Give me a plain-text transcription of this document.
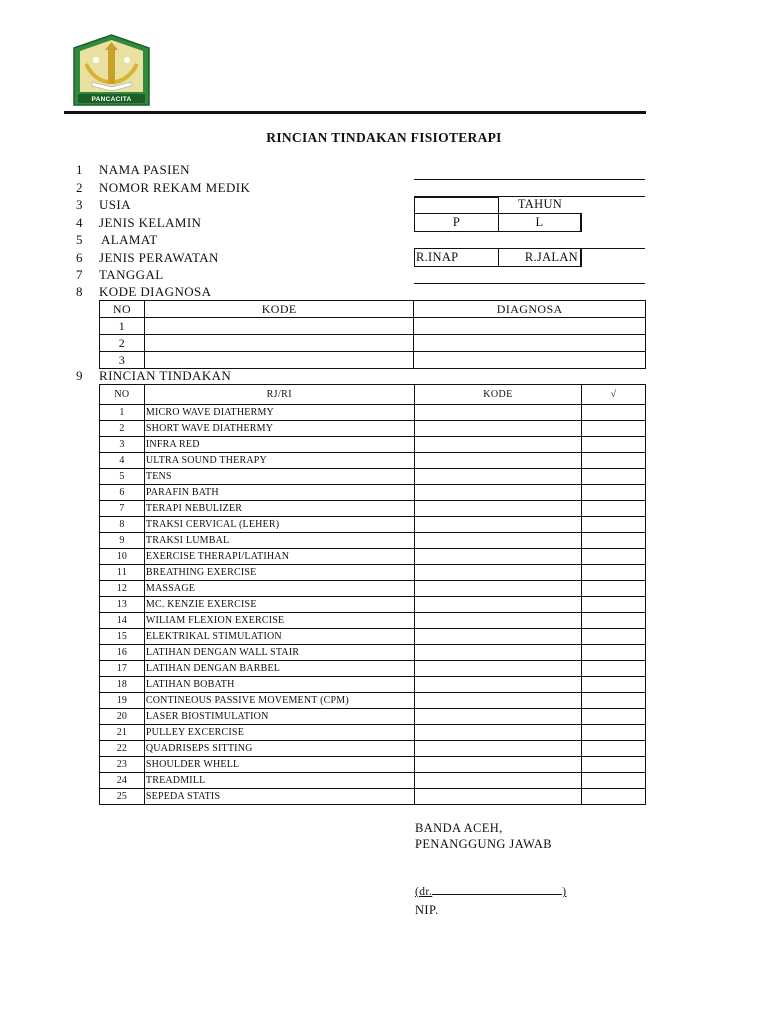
PANCACITA
RINCIAN TINDAKAN FISIOTERAPI
1	NAMA PASIEN
2	NOMOR REKAM MEDIK
3	USIA
4	JENIS KELAMIN
5	ALAMAT
6	JENIS PERAWATAN
7	TANGGAL
8	KODE DIAGNOSA
9	RINCIAN TINDAKAN
TAHUN
P	L
R.INAP	R.JALAN
NO	KODE	DIAGNOSA
1		
2		
3		
NO	RJ/RI	KODE	√
1	MICRO WAVE DIATHERMY		
2	SHORT WAVE DIATHERMY		
3	INFRA RED		
4	ULTRA SOUND THERAPY		
5	TENS		
6	PARAFIN BATH		
7	TERAPI NEBULIZER		
8	TRAKSI CERVICAL (LEHER)		
9	TRAKSI LUMBAL		
10	EXERCISE THERAPI/LATIHAN		
11	BREATHING EXERCISE		
12	MASSAGE		
13	MC. KENZIE EXERCISE		
14	WILIAM FLEXION EXERCISE		
15	ELEKTRIKAL STIMULATION		
16	LATIHAN DENGAN WALL STAIR		
17	LATIHAN DENGAN BARBEL		
18	LATIHAN BOBATH		
19	CONTINEOUS PASSIVE MOVEMENT (CPM)		
20	LASER BIOSTIMULATION		
21	PULLEY EXCERCISE		
22	QUADRISEPS SITTING		
23	SHOULDER WHELL		
24	TREADMILL		
25	SEPEDA STATIS		
BANDA ACEH,
PENANGGUNG JAWAB
(dr.	)
NIP.
